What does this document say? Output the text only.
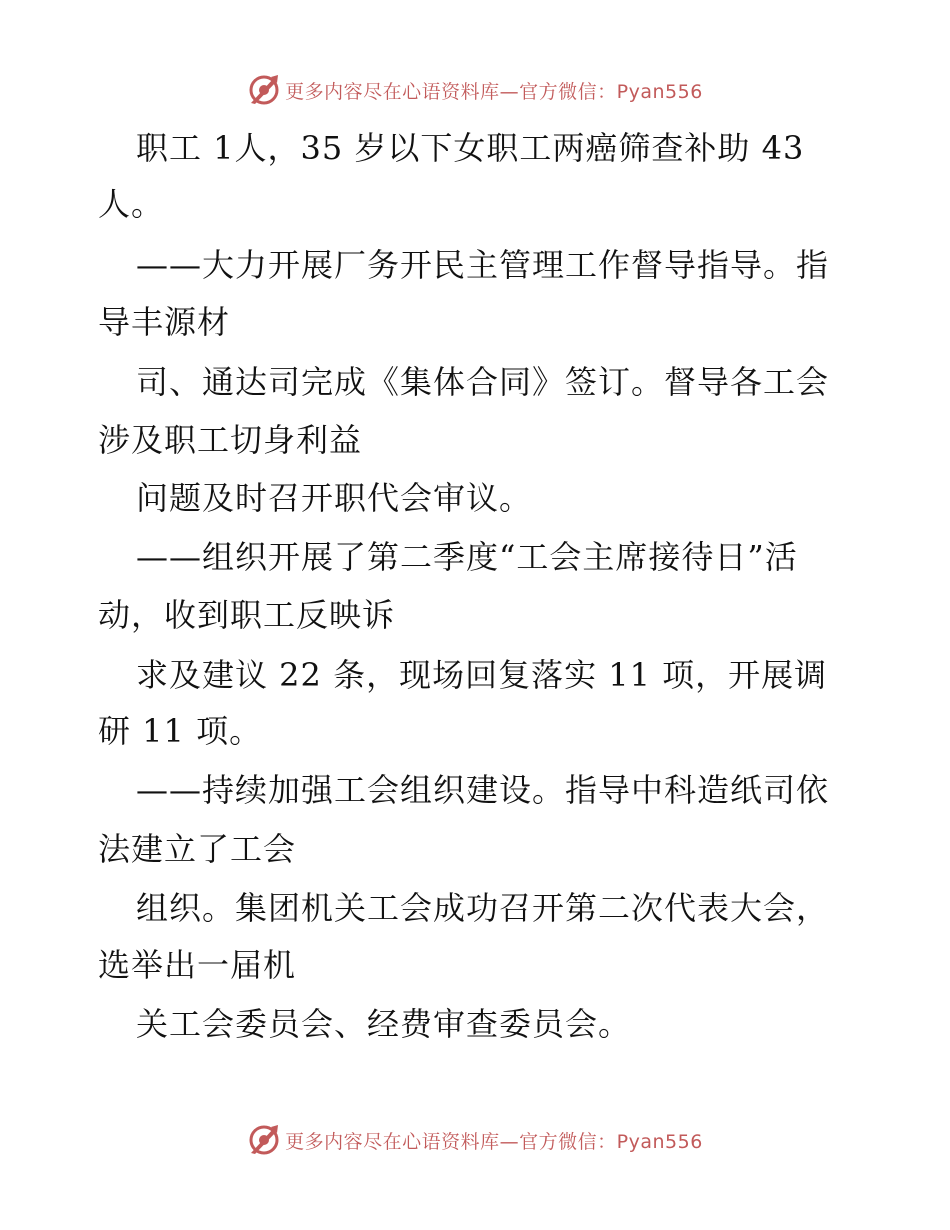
更多内容尽在心语资料库—官方微信：Pyan556
职工 1人，35 岁以下女职工两癌筛查补助 43
人。
——大力开展厂务开民主管理工作督导指导。指
导丰源材
司、通达司完成《集体合同》签订。督导各工会
涉及职工切身利益
问题及时召开职代会审议。
——组织开展了第二季度“工会主席接待日”活
动，收到职工反映诉
求及建议 22 条，现场回复落实 11 项，开展调
研 11 项。
——持续加强工会组织建设。指导中科造纸司依
法建立了工会
组织。集团机关工会成功召开第二次代表大会，
选举出一届机
关工会委员会、经费审查委员会。
更多内容尽在心语资料库—官方微信：Pyan556
